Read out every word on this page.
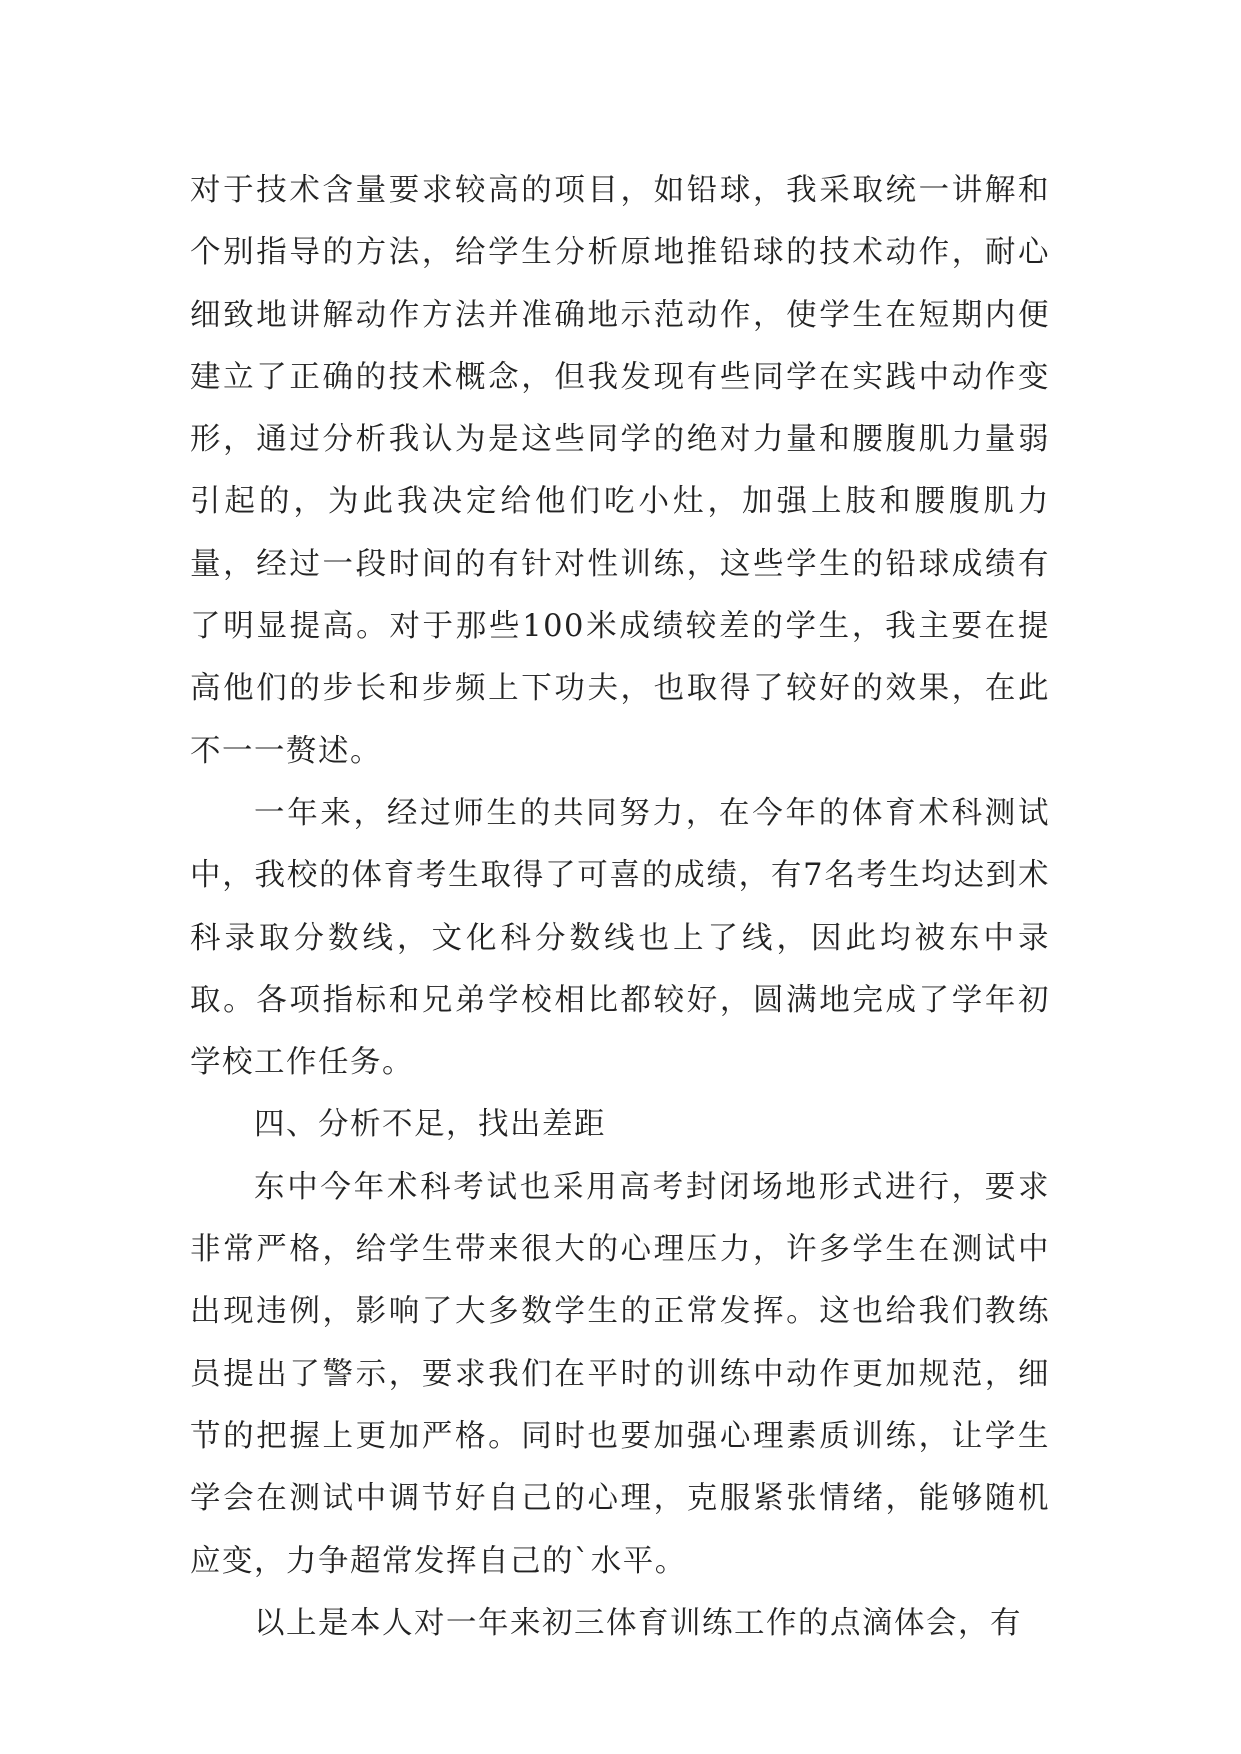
对于技术含量要求较高的项目，如铅球，我采取统一讲解和个别指导的方法，给学生分析原地推铅球的技术动作，耐心细致地讲解动作方法并准确地示范动作，使学生在短期内便建立了正确的技术概念，但我发现有些同学在实践中动作变形，通过分析我认为是这些同学的绝对力量和腰腹肌力量弱引起的，为此我决定给他们吃小灶，加强上肢和腰腹肌力量，经过一段时间的有针对性训练，这些学生的铅球成绩有了明显提高。对于那些100米成绩较差的学生，我主要在提高他们的步长和步频上下功夫，也取得了较好的效果，在此不一一赘述。

一年来，经过师生的共同努力，在今年的体育术科测试中，我校的体育考生取得了可喜的成绩，有7名考生均达到术科录取分数线，文化科分数线也上了线，因此均被东中录取。各项指标和兄弟学校相比都较好，圆满地完成了学年初学校工作任务。

四、分析不足，找出差距

东中今年术科考试也采用高考封闭场地形式进行，要求非常严格，给学生带来很大的心理压力，许多学生在测试中出现违例，影响了大多数学生的正常发挥。这也给我们教练员提出了警示，要求我们在平时的训练中动作更加规范，细节的把握上更加严格。同时也要加强心理素质训练，让学生学会在测试中调节好自己的心理，克服紧张情绪，能够随机应变，力争超常发挥自己的`水平。

以上是本人对一年来初三体育训练工作的点滴体会，有
